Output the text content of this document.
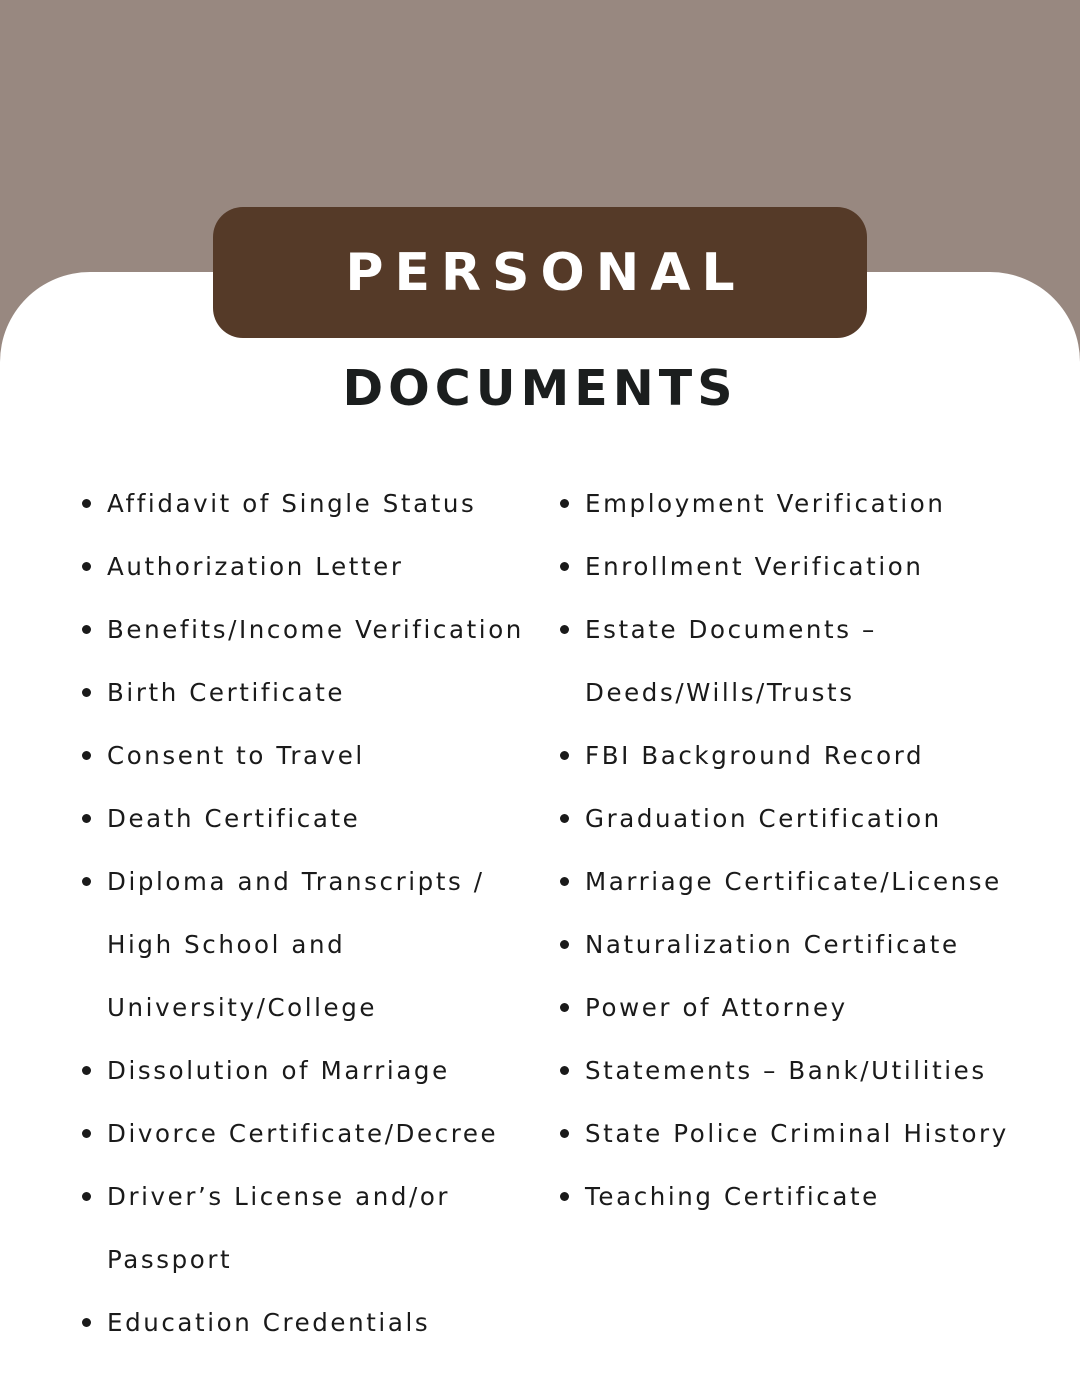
PERSONAL
DOCUMENTS
Affidavit of Single Status
Authorization Letter
Benefits/Income Verification
Birth Certificate
Consent to Travel
Death Certificate
Diploma and Transcripts /
High School and
University/College
Dissolution of Marriage
Divorce Certificate/Decree
Driver’s License and/or
Passport
Education Credentials
Employment Verification
Enrollment Verification
Estate Documents –
Deeds/Wills/Trusts
FBI Background Record
Graduation Certification
Marriage Certificate/License
Naturalization Certificate
Power of Attorney
Statements – Bank/Utilities
State Police Criminal History
Teaching Certificate
